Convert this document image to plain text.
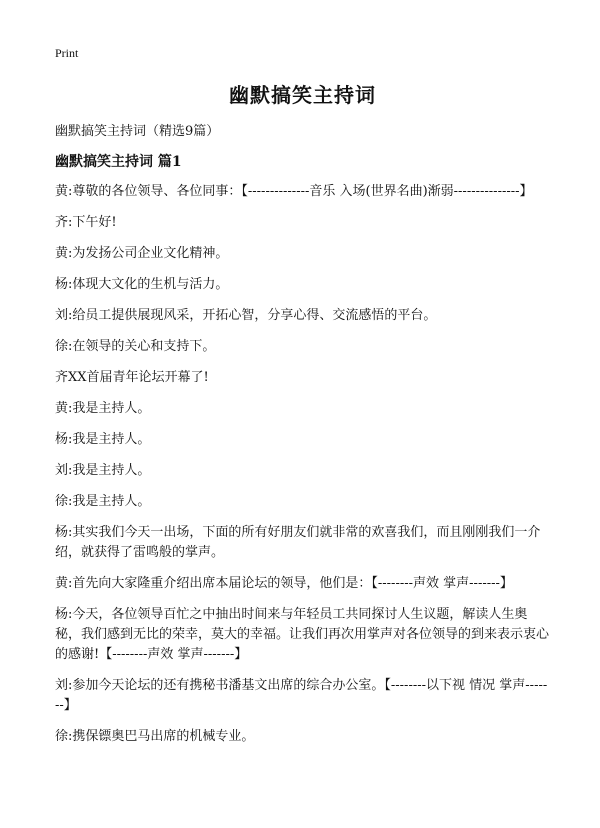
Print
幽默搞笑主持词
幽默搞笑主持词（精选9篇）
幽默搞笑主持词 篇1

黄:尊敬的各位领导、各位同事：【--------------音乐 入场(世界名曲)渐弱---------------】

齐:下午好!

黄:为发扬公司企业文化精神。

杨:体现大文化的生机与活力。

刘:给员工提供展现风采，开拓心智，分享心得、交流感悟的平台。

徐:在领导的关心和支持下。

齐XX首届青年论坛开幕了!

黄:我是主持人。

杨:我是主持人。

刘:我是主持人。

徐:我是主持人。

杨:其实我们今天一出场，下面的所有好朋友们就非常的欢喜我们，而且刚刚我们一介绍，就获得了雷鸣般的掌声。

黄:首先向大家隆重介绍出席本届论坛的领导，他们是：【--------声效 掌声-------】

杨:今天，各位领导百忙之中抽出时间来与年轻员工共同探讨人生议题，解读人生奥秘，我们感到无比的荣幸，莫大的幸福。让我们再次用掌声对各位领导的到来表示衷心的感谢!【--------声效 掌声-------】

刘:参加今天论坛的还有携秘书潘基文出席的综合办公室。【--------以下视 情况 掌声-------】

徐:携保镖奥巴马出席的机械专业。
